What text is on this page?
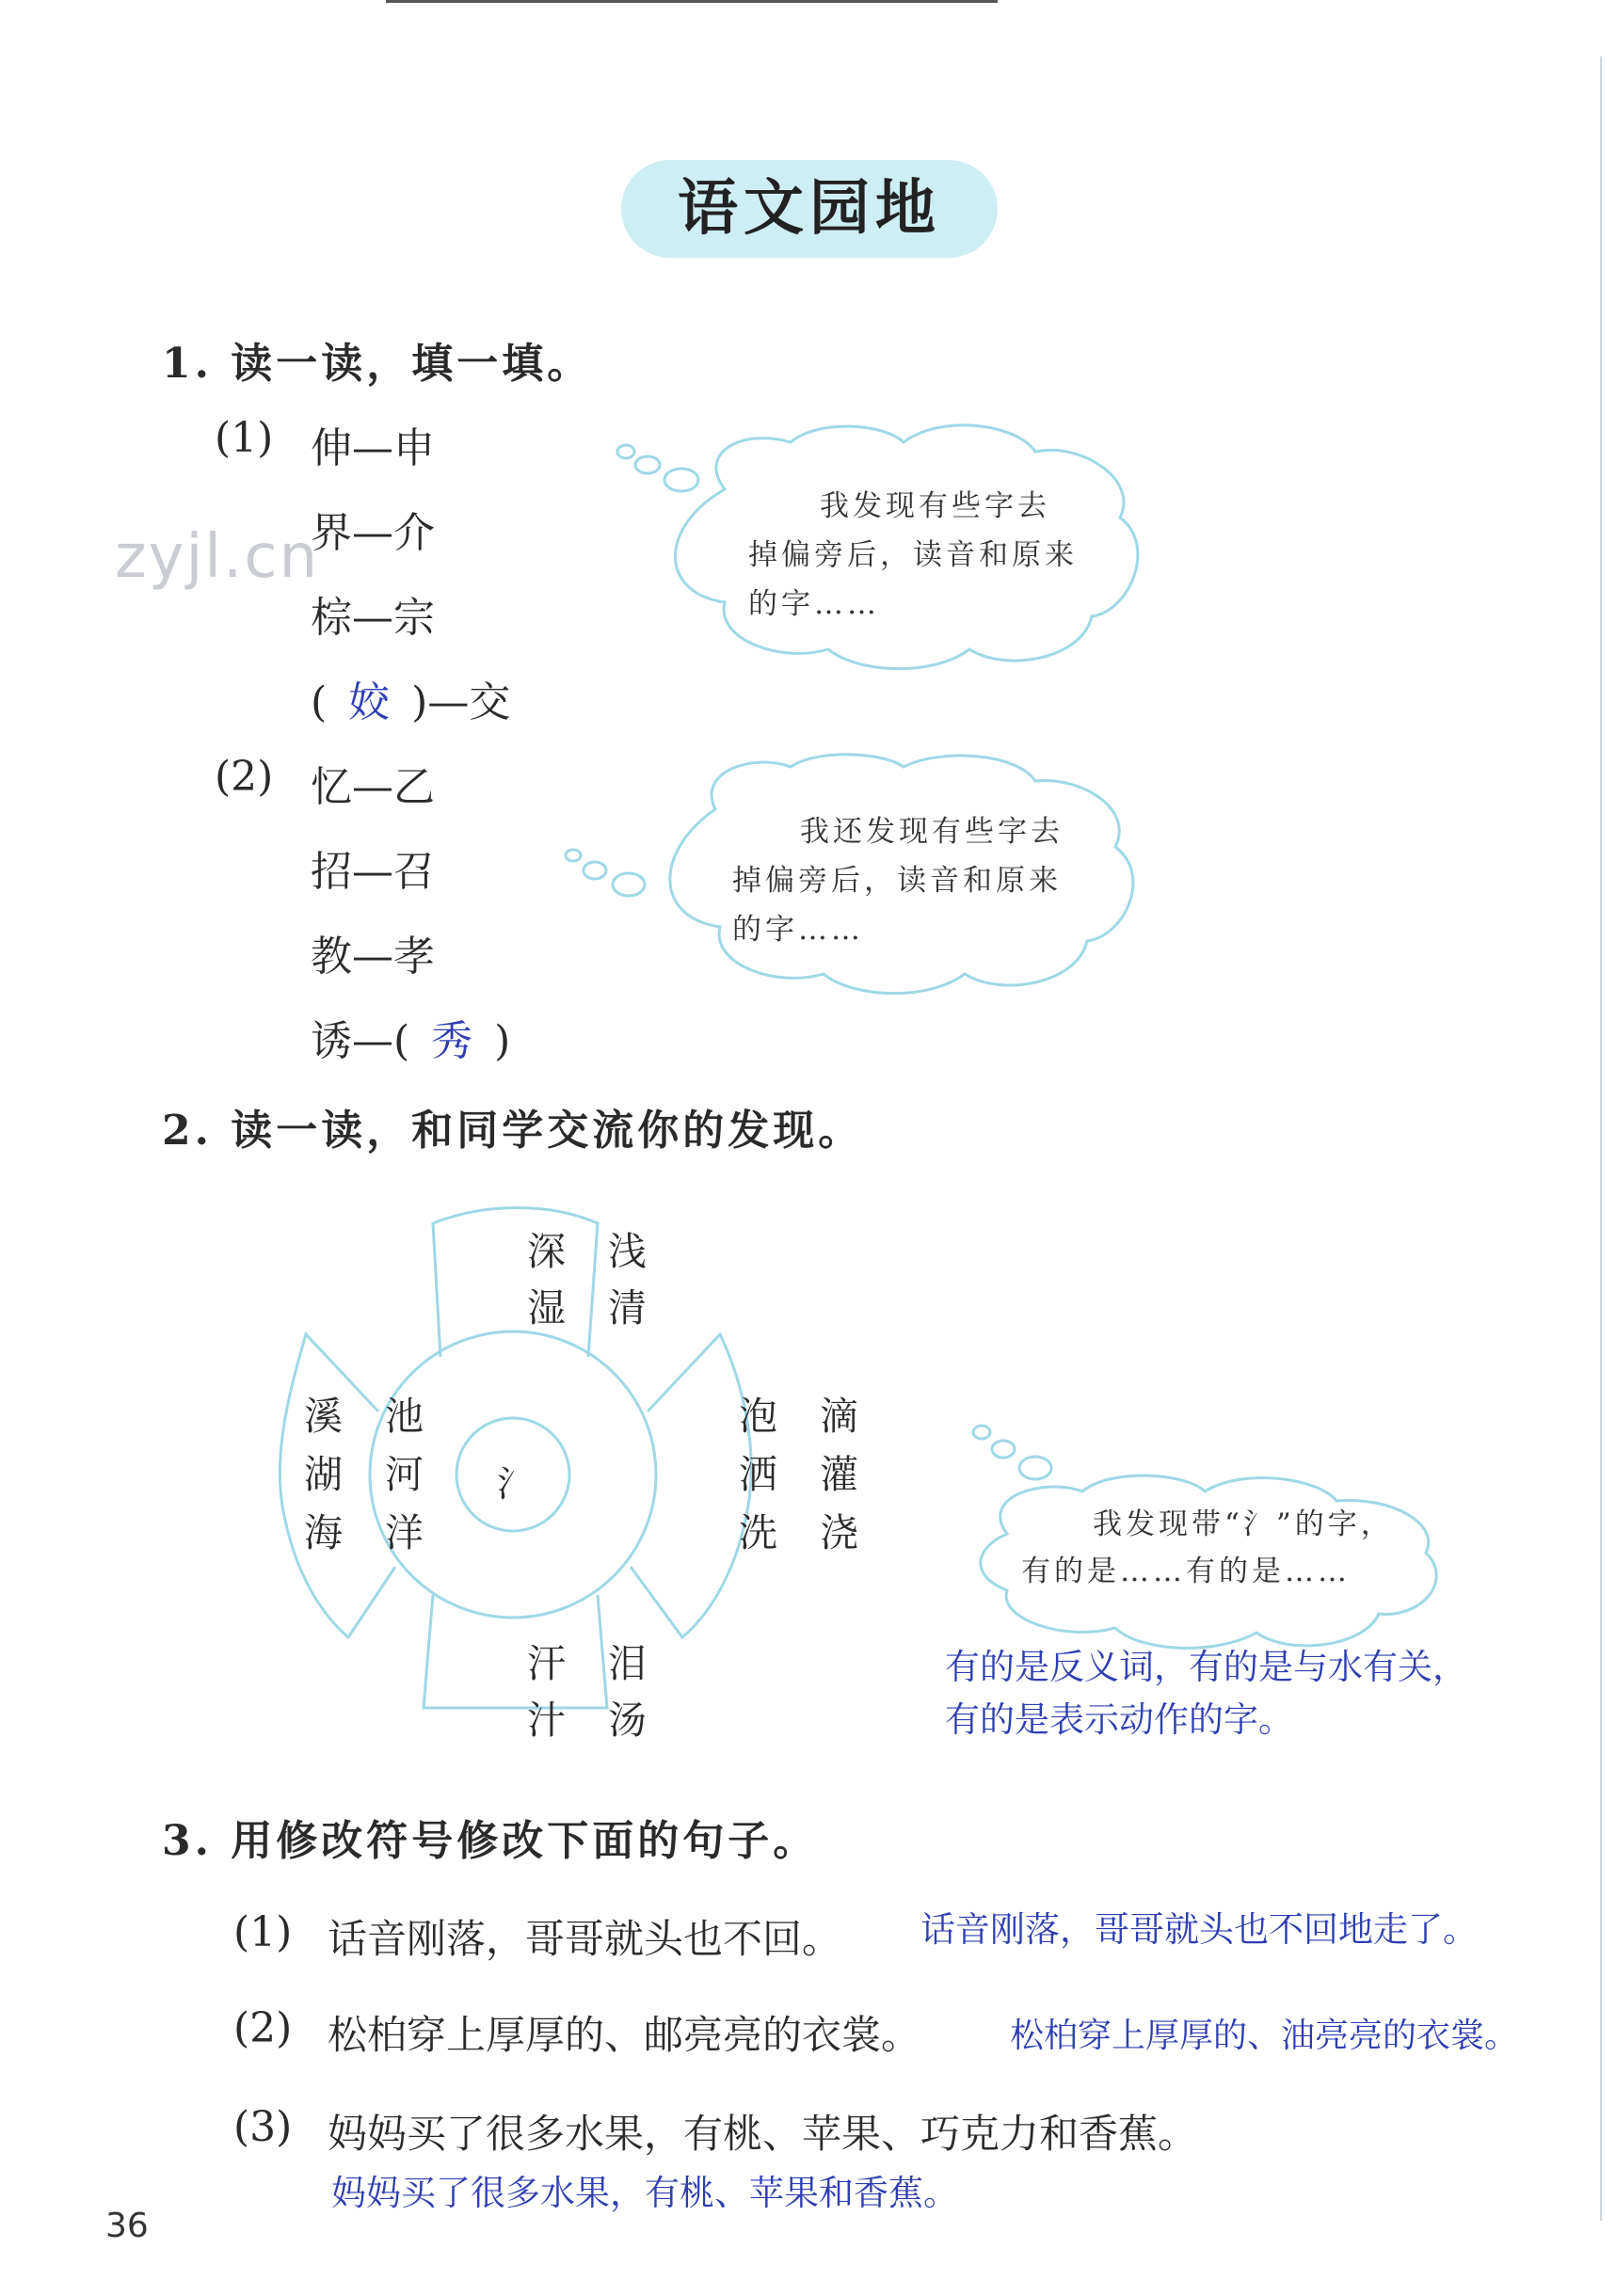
语文园地
zyjl.cn
1. 读一读，填一填。
(1) 伸—申
界—介
棕—宗
( 姣 )—交
(2) 忆—乙
招—召
教—孝
诱—( 秀 )
我发现有些字去
掉偏旁后，读音和原来
的字……
我还发现有些字去
掉偏旁后，读音和原来
的字……
2. 读一读，和同学交流你的发现。
深　浅
湿　清
溪　池
湖　河
海　洋
泡　滴
洒　灌
洗　浇
汗　泪
汁　汤
氵
我发现带“氵”的字，
有的是……有的是……
有的是反义词，有的是与水有关，
有的是表示动作的字。
3. 用修改符号修改下面的句子。
(1) 话音刚落，哥哥就头也不回。 话音刚落，哥哥就头也不回地走了。
(2) 松柏穿上厚厚的、邮亮亮的衣裳。	松柏穿上厚厚的、油亮亮的衣裳。
(3) 妈妈买了很多水果，有桃、苹果、巧克力和香蕉。
妈妈买了很多水果，有桃、苹果和香蕉。
36
